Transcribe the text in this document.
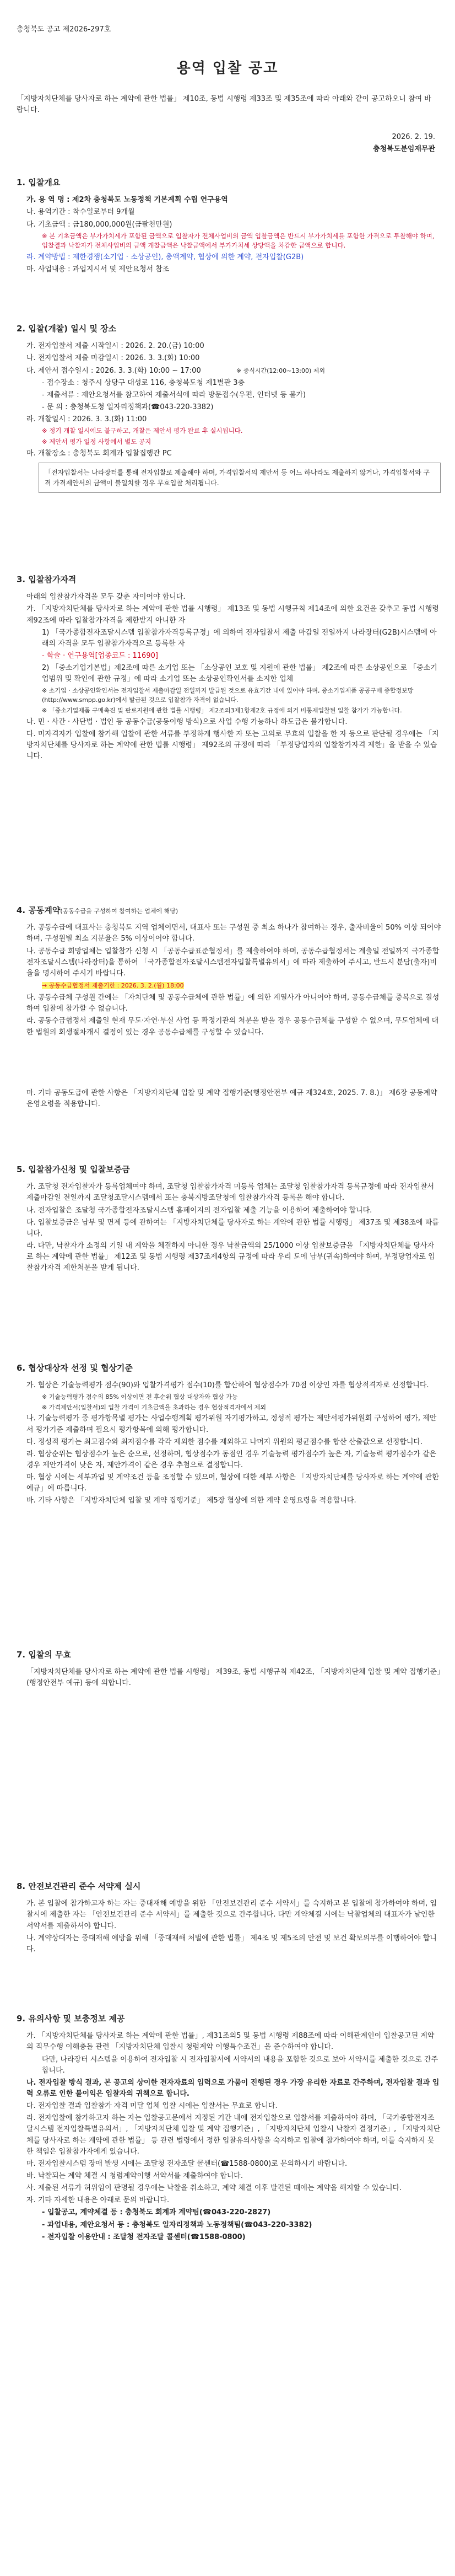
충청북도 공고 제2026-297호
용역 입찰 공고
「지방자치단체를 당사자로 하는 계약에 관한 법률」 제10조, 동법 시행령 제33조 및 제35조에 따라 아래와 같이 공고하오니 참여 바랍니다.
2026. 2. 19.
충청북도분임재무관
1. 입찰개요
가. 용 역 명 : 제2차 충청북도 노동정책 기본계획 수립 연구용역
나. 용역기간 : 착수일로부터 9개월
다. 기초금액 : 금180,000,000원(금팔천만원)
※ 본 기초금액은 부가가치세가 포함된 금액으로 입찰자가 전체사업비의 금액 입찰금액은 반드시 부가가치세를 포함한 가격으로 투찰해야 하며, 입찰결과 낙찰자가 전체사업비의 금액 개찰금액은 낙찰금액에서 부가가치세 상당액을 차감한 금액으로 합니다.
라. 계약방법 : 제한경쟁(소기업 · 소상공인), 총액계약, 협상에 의한 계약, 전자입찰(G2B)
마. 사업내용 : 과업지시서 및 제안요청서 참조
2. 입찰(개찰) 일시 및 장소
가. 전자입찰서 제출 시작일시 : 2026. 2. 20.(금) 10:00
나. 전자입찰서 제출 마감일시 : 2026. 3. 3.(화) 10:00
다. 제안서 접수일시 : 2026. 3. 3.(화) 10:00 ~ 17:00	※ 중식시간(12:00~13:00) 제외
- 접수장소 : 청주시 상당구 대성로 116, 충청북도청 제1별관 3층
- 제출서류 : 제안요청서를 참고하여 제출서식에 따라 방문접수(우편, 인터넷 등 불가)
- 문 의 : 충청북도청 일자리정책과(☎043-220-3382)
라. 개찰일시 : 2026. 3. 3.(화) 11:00
※ 정기 개찰 일시에도 불구하고, 개찰은 제안서 평가 완료 후 실시됩니다.
※ 제안서 평가 일정 사항에서 별도 공지
마. 개찰장소 : 충청북도 회계과 입찰집행관 PC
「전자입찰서는 나라장터를 통해 전자입찰로 제출해야 하며, 가격입찰서의 제안서 등 어느 하나라도 제출하지 않거나, 가격입찰서와 구격 가격제안서의 금액이 불일치할 경우 무효입찰 처리됩니다.
3. 입찰참가자격
아래의 입찰참가자격을 모두 갖춘 자이어야 합니다.
가. 「지방자치단체를 당사자로 하는 계약에 관한 법률 시행령」 제13조 및 동법 시행규칙 제14조에 의한 요건을 갖추고 동법 시행령 제92조에 따라 입찰참가자격을 제한받지 아니한 자
1) 「국가종합전자조달시스템 입찰참가자격등록규정」에 의하여 전자입찰서 제출 마감일 전일까지 나라장터(G2B)시스템에 아래의 자격을 모두 입찰참가자격으로 등록한 자
- 학술 · 연구용역[업종코드 : 11690]
2) 「중소기업기본법」제2조에 따른 소기업 또는 「소상공인 보호 및 지원에 관한 법률」 제2조에 따른 소상공인으로 「중소기업범위 및 확인에 관한 규정」에 따라 소기업 또는 소상공인확인서를 소지한 업체
※ 소기업 · 소상공인확인서는 전자입찰서 제출마감일 전일까지 발급된 것으로 유효기간 내에 있어야 하며, 중소기업제품 공공구매 종합정보망(http://www.smpp.go.kr)에서 발급된 것으로 입찰참가 자격이 없습니다.
※ 「중소기업제품 구매촉진 및 판로지원에 관한 법률 시행령」 제2조의3제1항제2호 규정에 의거 비통제입찰된 입찰 참가가 가능합니다.
나. 민 · 사간 · 사단법 · 법인 등 공동수급(공동이행 방식)으로 사업 수행 가능하나 하도급은 불가합니다.
다. 미자격자가 입찰에 참가해 입찰에 관한 서류를 부정하게 행사한 자 또는 고의로 무효의 입찰을 한 자 등으로 판단될 경우에는 「지방자치단체를 당사자로 하는 계약에 관한 법률 시행령」 제92조의 규정에 따라 「부정당업자의 입찰참가자격 제한」을 받을 수 있습니다.
4. 공동계약(공동수급을 구성하여 참여하는 업체에 해당)
가. 공동수급에 대표사는 충청북도 지역 업체이면서, 대표사 또는 구성원 중 최소 하나가 참여하는 경우, 출자비율이 50% 이상 되어야 하며, 구성원별 최소 지분율은 5% 이상이어야 합니다.
나. 공동수급 희망업체는 입찰참가 신청 시 「공동수급표준협정서」를 제출하여야 하며, 공동수급협정서는 계출일 전일까지 국가종합전자조달시스템(나라장터)을 통하여 「국가종합전자조달시스템전자입찰특별유의서」에 따라 제출하여 주시고, 반드시 분담(출자)비율을 명시하여 주시기 바랍니다.
→ 공동수급협정서 제출기한 : 2026. 3. 2.(월) 18:00
다. 공동수급체 구성원 간에는 「자치단체 및 공동수급체에 관한 법률」에 의한 계열사가 아니어야 하며, 공동수급체를 중복으로 결성하여 입찰에 참가할 수 없습니다.
라. 공동수급협정서 제출일 현재 무도·자연·부실 사업 등 확정기관의 처분을 받을 경우 공동수급체를 구성할 수 없으며, 무도업체에 대한 법원의 회생절차개시 결정이 있는 경우 공동수급체를 구성할 수 있습니다.
마. 기타 공동도급에 관한 사항은 「지방자치단체 입찰 및 계약 집행기준(행정안전부 예규 제324호, 2025. 7. 8.)」 제6장 공동계약 운영요령을 적용합니다.
5. 입찰참가신청 및 입찰보증금
가. 조달청 전자입찰자가 등록업체여야 하며, 조달청 입찰참가자격 미등록 업체는 조달청 입찰참가자격 등록규정에 따라 전자입찰서 제출마감일 전일까지 조달청조달시스템에서 또는 충북지방조달청에 입찰참가자격 등록을 해야 합니다.
나. 전자입찰은 조달청 국가종합전자조달시스템 홈페이지의 전자입찰 제출 기능을 이용하여 제출하여야 합니다.
다. 입찰보증금은 납부 및 면제 등에 관하여는 「지방자치단체를 당사자로 하는 계약에 관한 법률 시행령」 제37조 및 제38조에 따릅니다.
라. 다만, 낙찰자가 소정의 기일 내 계약을 체결하지 아니한 경우 낙찰금액의 25/1000 이상 입찰보증금을 「지방자치단체를 당사자로 하는 계약에 관한 법률」 제12조 및 동법 시행령 제37조제4항의 규정에 따라 우리 도에 납부(귀속)하여야 하며, 부정당업자로 입찰참가자격 제한처분을 받게 됩니다.
6. 협상대상자 선정 및 협상기준
가. 협상은 기술능력평가 점수(90)와 입찰가격평가 점수(10)를 합산하여 협상점수가 70점 이상인 자를 협상적격자로 선정합니다.
※ 기술능력평가 점수의 85% 이상이면 전 후순위 협상 대상자와 협상 가능
※ 가격제안서(입찰서)의 입찰 가격이 기초금액을 초과하는 경우 협상적격자에서 제외
나. 기술능력평가 중 평가항목별 평가는 사업수행계획 평가위원 자기평가하고, 정성적 평가는 제안서평가위원회 구성하여 평가, 제안서 평가기준 제출하며 필요시 평가항목에 의해 평가합니다.
다. 정성적 평가는 최고점수와 최저점수를 각각 제외한 점수를 제외하고 나머지 위원의 평균점수를 합산 산출값으로 선정합니다.
라. 협상순위는 협상점수가 높은 순으로, 선정하며, 협상점수가 동점인 경우 기술능력 평가점수가 높은 자, 기술능력 평가점수가 같은 경우 제안가격이 낮은 자, 제안가격이 같은 경우 추첨으로 결정합니다.
마. 협상 시에는 세부과업 및 계약조건 등을 조정할 수 있으며, 협상에 대한 세부 사항은 「지방자치단체를 당사자로 하는 계약에 관한 예규」에 따릅니다.
바. 기타 사항은 「지방자치단체 입찰 및 계약 집행기준」 제5장 협상에 의한 계약 운영요령을 적용합니다.
7. 입찰의 무효
「지방자치단체를 당사자로 하는 계약에 관한 법률 시행령」 제39조, 동법 시행규칙 제42조, 「지방자치단체 입찰 및 계약 집행기준」(행정안전부 예규) 등에 의합니다.
8. 안전보건관리 준수 서약제 실시
가. 본 입찰에 참가하고자 하는 자는 중대재해 예방을 위한 「안전보건관리 준수 서약서」를 숙지하고 본 입찰에 참가하여야 하며, 입찰시에 제출한 자는 「안전보건관리 준수 서약서」를 제출한 것으로 간주합니다. 다만 계약체결 시에는 낙찰업체의 대표자가 날인한 서약서를 제출하셔야 합니다.
나. 계약상대자는 중대재해 예방을 위해 「중대재해 처벌에 관한 법률」 제4조 및 제5조의 안전 및 보건 확보의무를 이행하여야 합니다.
9. 유의사항 및 보충정보 제공
가. 「지방자치단체를 당사자로 하는 계약에 관한 법률」, 제31조의5 및 동법 시행령 제88조에 따라 이해관계인이 입찰공고된 계약의 직무수행 이해충돌 관련 「지방자치단체 입찰시 청렴계약 이행특수조건」을 준수하여야 합니다.
다만, 나라장터 시스템을 이용하여 전자입찰 시 전자입찰서에 서약서의 내용을 포함한 것으로 보아 서약서를 제출한 것으로 간주합니다.
나. 전자입찰 방식 결과, 본 공고의 상이한 전자자료의 입력으로 가뭄이 진행된 경우 가장 유리한 자료로 간주하며, 전자입찰 결과 입력 오류로 인한 불이익은 입찰자의 귀책으로 합니다.
다. 전자입찰 결과 입찰참가 자격 미달 업체 입찰 시에는 입찰서는 무효로 합니다.
라. 전자입찰에 참가하고자 하는 자는 입찰공고문에서 지정된 기간 내에 전자입찰으로 입찰서를 제출하여야 하며, 「국가종합전자조달시스템 전자입찰특별유의서」, 「지방자치단체 입찰 및 계약 집행기준」, 「지방자치단체 입찰시 낙찰자 결정기준」, 「지방자치단체를 당사자로 하는 계약에 관한 법률」 등 관련 법령에서 정한 입찰유의사항을 숙지하고 입찰에 참가하여야 하며, 이를 숙지하지 못한 책임은 입찰참가자에게 있습니다.
마. 전자입찰시스템 장애 발생 시에는 조달청 전자조달 콜센터(☎1588-0800)로 문의하시기 바랍니다.
바. 낙찰되는 계약 체결 시 청렴계약이행 서약서를 제출하여야 합니다.
사. 제출된 서류가 허위임이 판명될 경우에는 낙찰을 취소하고, 계약 체결 이후 발견된 때에는 계약을 해지할 수 있습니다.
자. 기타 자세한 내용은 아래로 문의 바랍니다.
- 입찰공고, 계약체결 등 : 충청북도 회계과 계약팀(☎043-220-2827)
- 과업내용, 제안요청서 등 : 충청북도 일자리정책과 노동정책팀(☎043-220-3382)
- 전자입찰 이용안내 : 조달청 전자조달 콜센터(☎1588-0800)
